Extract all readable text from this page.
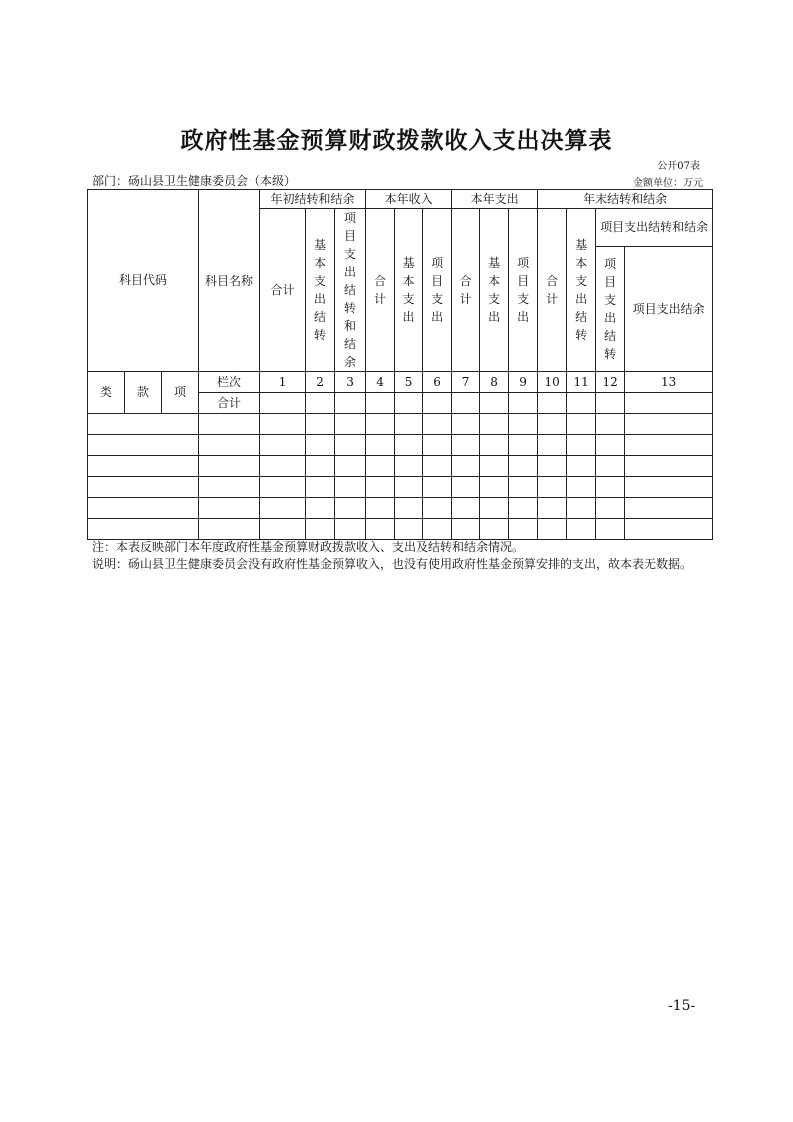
政府性基金预算财政拨款收入支出决算表
公开07表
部门：砀山县卫生健康委员会（本级）	金额单位：万元
科目代码			科目名称	年初结转和结余			本年收入			本年支出			年末结转和结余			
				合计	基本支出结转	项目支出结转和结余	合计	基本支出	项目支出	合计	基本支出	项目支出	合计	基本支出结转	项目支出结转和结余	
															项目支出结转	项目支出结余
类	款	项	栏次	1	2	3	4	5	6	7	8	9	10	11	12	13
			合计													

注：本表反映部门本年度政府性基金预算财政拨款收入、支出及结转和结余情况。
说明：砀山县卫生健康委员会没有政府性基金预算收入，也没有使用政府性基金预算安排的支出，故本表无数据。
-15-
